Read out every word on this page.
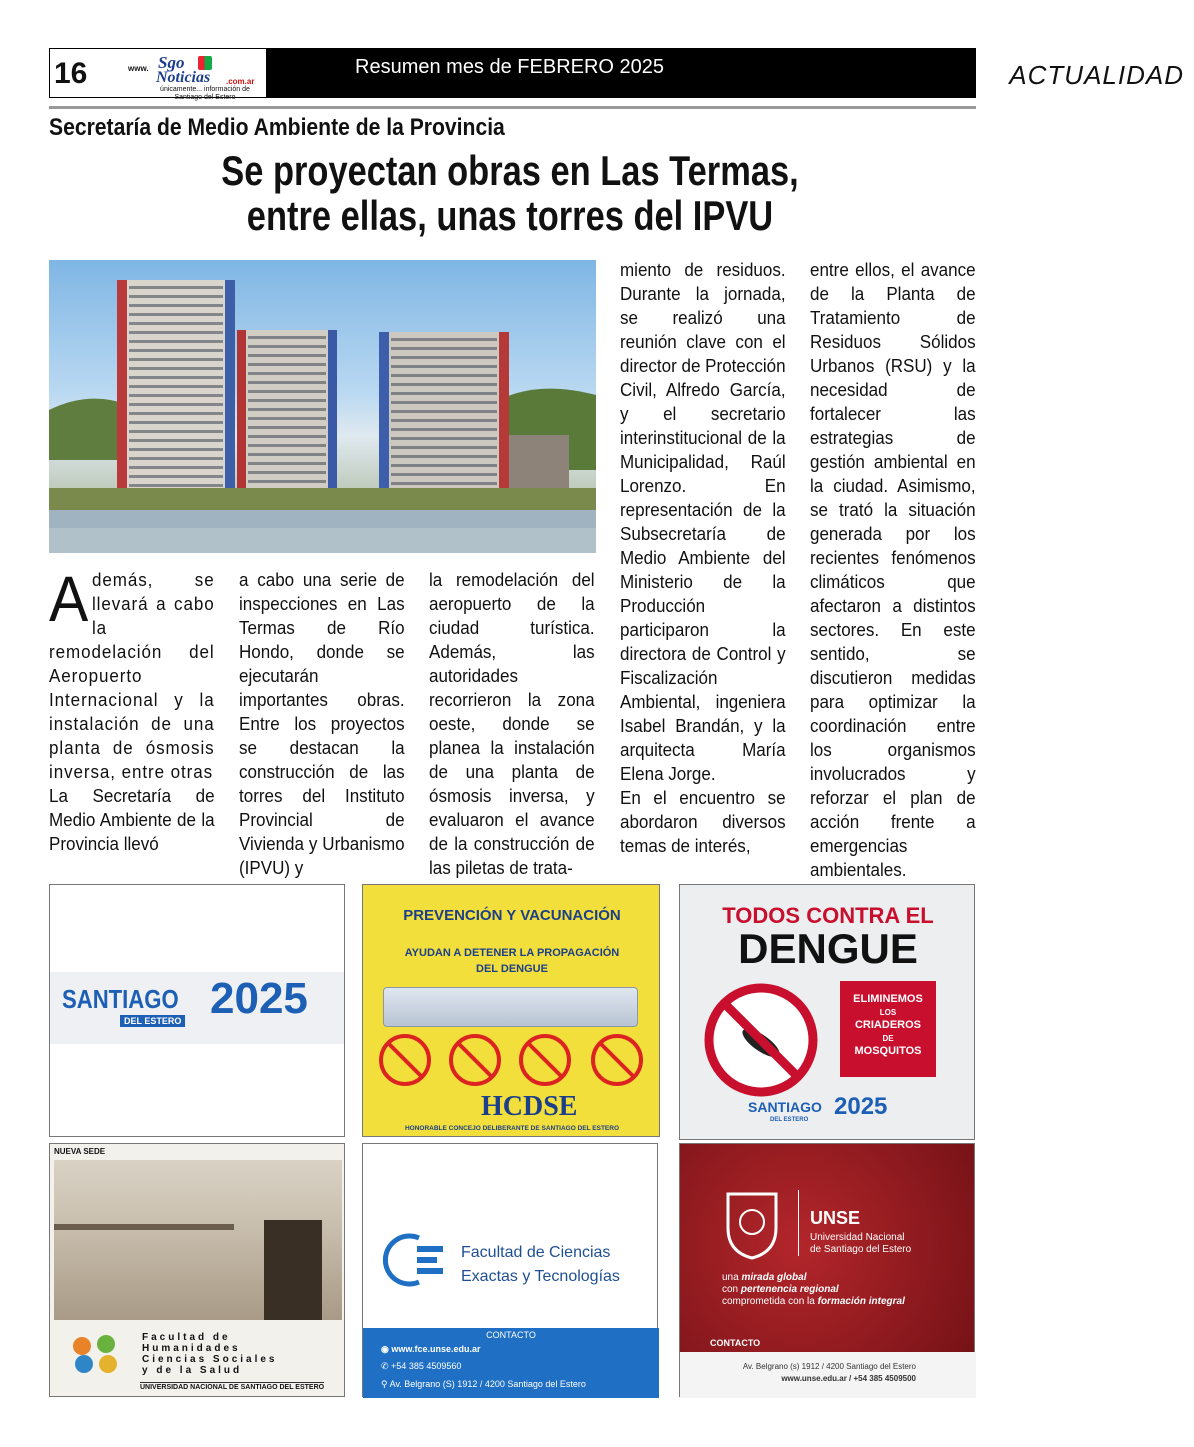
16	www. Sgo
Noticias .com.ar
únicamente... información de Santiago del Estero
Resumen mes de FEBRERO 2025	ACTUALIDAD
Secretaría de Medio Ambiente de la Provincia
Se proyectan obras en Las Termas,
entre ellas, unas torres del IPVU
A demás, se llevará a cabo la remodelación del Aeropuerto Internacional y la instalación de una planta de ósmosis inversa, entre otras

La Secretaría de Medio Ambiente de la Provincia llevó

a cabo una serie de inspecciones en Las Termas de Río Hondo, donde se ejecutarán importantes obras. Entre los proyectos se destacan la construcción de las torres del Instituto Provincial de Vivienda y Urbanismo (IPVU) y

la remodelación del aeropuerto de la ciudad turística. Además, las autoridades recorrieron la zona oeste, donde se planea la instalación de una planta de ósmosis inversa, y evaluaron el avance de la construcción de las piletas de trata-

miento de residuos. Durante la jornada, se realizó una reunión clave con el director de Protección Civil, Alfredo García, y el secretario interinstitucional de la Municipalidad, Raúl Lorenzo. En representación de la Subsecretaría de Medio Ambiente del Ministerio de la Producción participaron la directora de Control y Fiscalización Ambiental, ingeniera Isabel Brandán, y la arquitecta María Elena Jorge.

En el encuentro se abordaron diversos temas de interés,

entre ellos, el avance de la Planta de Tratamiento de Residuos Sólidos Urbanos (RSU) y la necesidad de fortalecer las estrategias de gestión ambiental en la ciudad. Asimismo, se trató la situación generada por los recientes fenómenos climáticos que afectaron a distintos sectores. En este sentido, se discutieron medidas para optimizar la coordinación entre los organismos involucrados y reforzar el plan de acción frente a emergencias ambientales.

SANTIAGO
DEL ESTERO 2025
PREVENCIÓN Y VACUNACIÓN
AYUDAN A DETENER LA PROPAGACIÓN
DEL DENGUE
HCDSE
HONORABLE CONCEJO DELIBERANTE DE SANTIAGO DEL ESTERO
TODOS CONTRA EL
DENGUE
ELIMINEMOS
LOS
CRIADEROS
DE
MOSQUITOS
SANTIAGO
DEL ESTERO 2025
NUEVA SEDE
Facultad de
Humanidades
Ciencias Sociales
y de la Salud
UNIVERSIDAD NACIONAL DE SANTIAGO DEL ESTERO
Facultad de Ciencias
Exactas y Tecnologías
CONTACTO
◉ www.fce.unse.edu.ar
✆ +54 385 4509560
⚲ Av. Belgrano (S) 1912 / 4200 Santiago del Estero
UNSE
Universidad Nacional
de Santiago del Estero
una mirada global
con pertenencia regional
comprometida con la formación integral
CONTACTO
Av. Belgrano (s) 1912 / 4200 Santiago del Estero
www.unse.edu.ar / +54 385 4509500
